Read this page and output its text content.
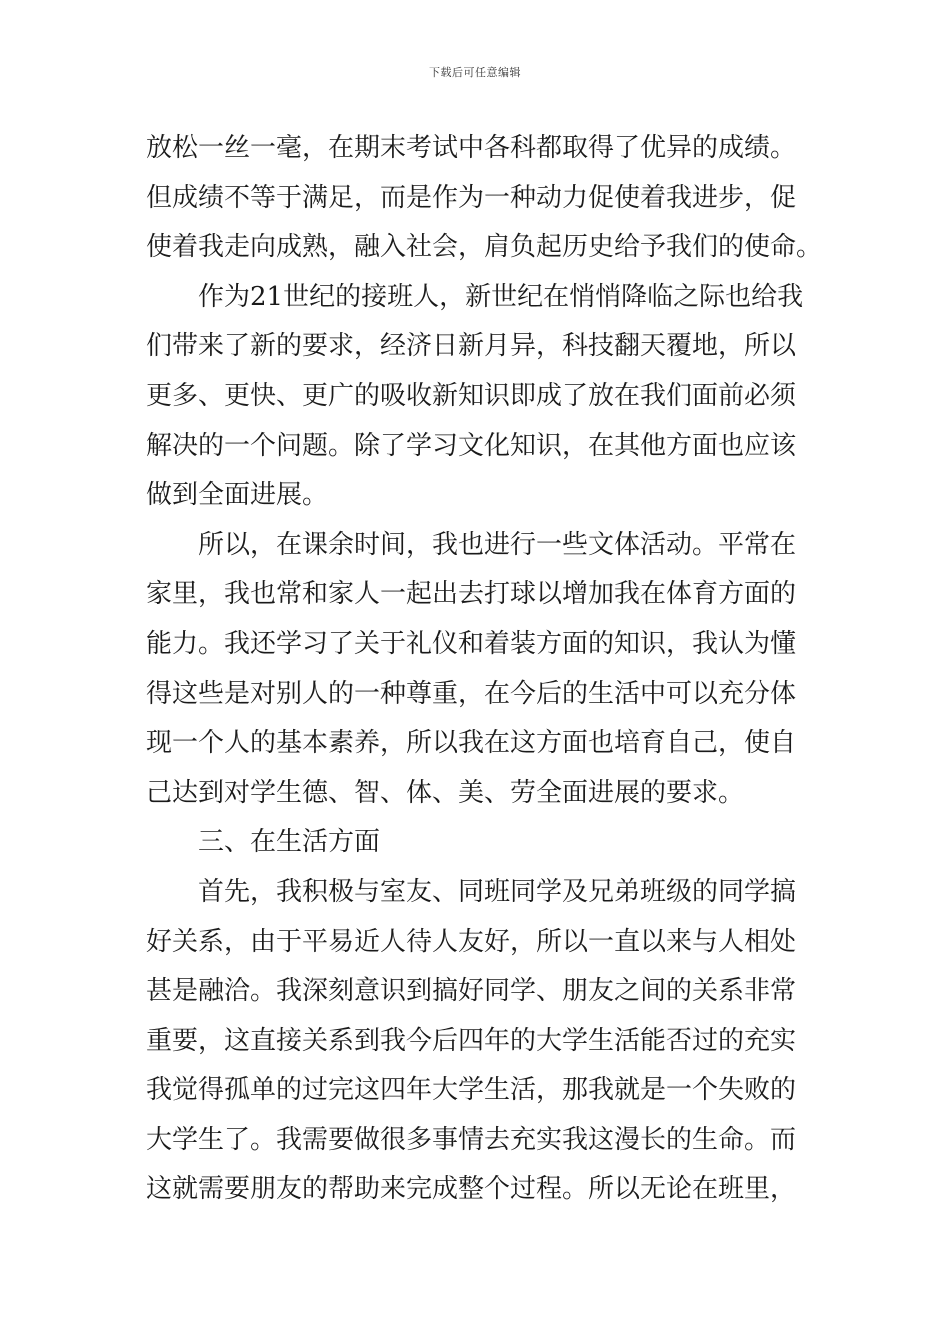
下载后可任意编辑
放松一丝一毫，在期末考试中各科都取得了优异的成绩。
但成绩不等于满足，而是作为一种动力促使着我进步，促
使着我走向成熟，融入社会，肩负起历史给予我们的使命。
作为21世纪的接班人，新世纪在悄悄降临之际也给我
们带来了新的要求，经济日新月异，科技翻天覆地，所以
更多、更快、更广的吸收新知识即成了放在我们面前必须
解决的一个问题。除了学习文化知识，在其他方面也应该
做到全面进展。
所以，在课余时间，我也进行一些文体活动。平常在
家里，我也常和家人一起出去打球以增加我在体育方面的
能力。我还学习了关于礼仪和着装方面的知识，我认为懂
得这些是对别人的一种尊重，在今后的生活中可以充分体
现一个人的基本素养，所以我在这方面也培育自己，使自
己达到对学生德、智、体、美、劳全面进展的要求。
三、在生活方面
首先，我积极与室友、同班同学及兄弟班级的同学搞
好关系，由于平易近人待人友好，所以一直以来与人相处
甚是融洽。我深刻意识到搞好同学、朋友之间的关系非常
重要，这直接关系到我今后四年的大学生活能否过的充实
我觉得孤单的过完这四年大学生活，那我就是一个失败的
大学生了。我需要做很多事情去充实我这漫长的生命。而
这就需要朋友的帮助来完成整个过程。所以无论在班里，
